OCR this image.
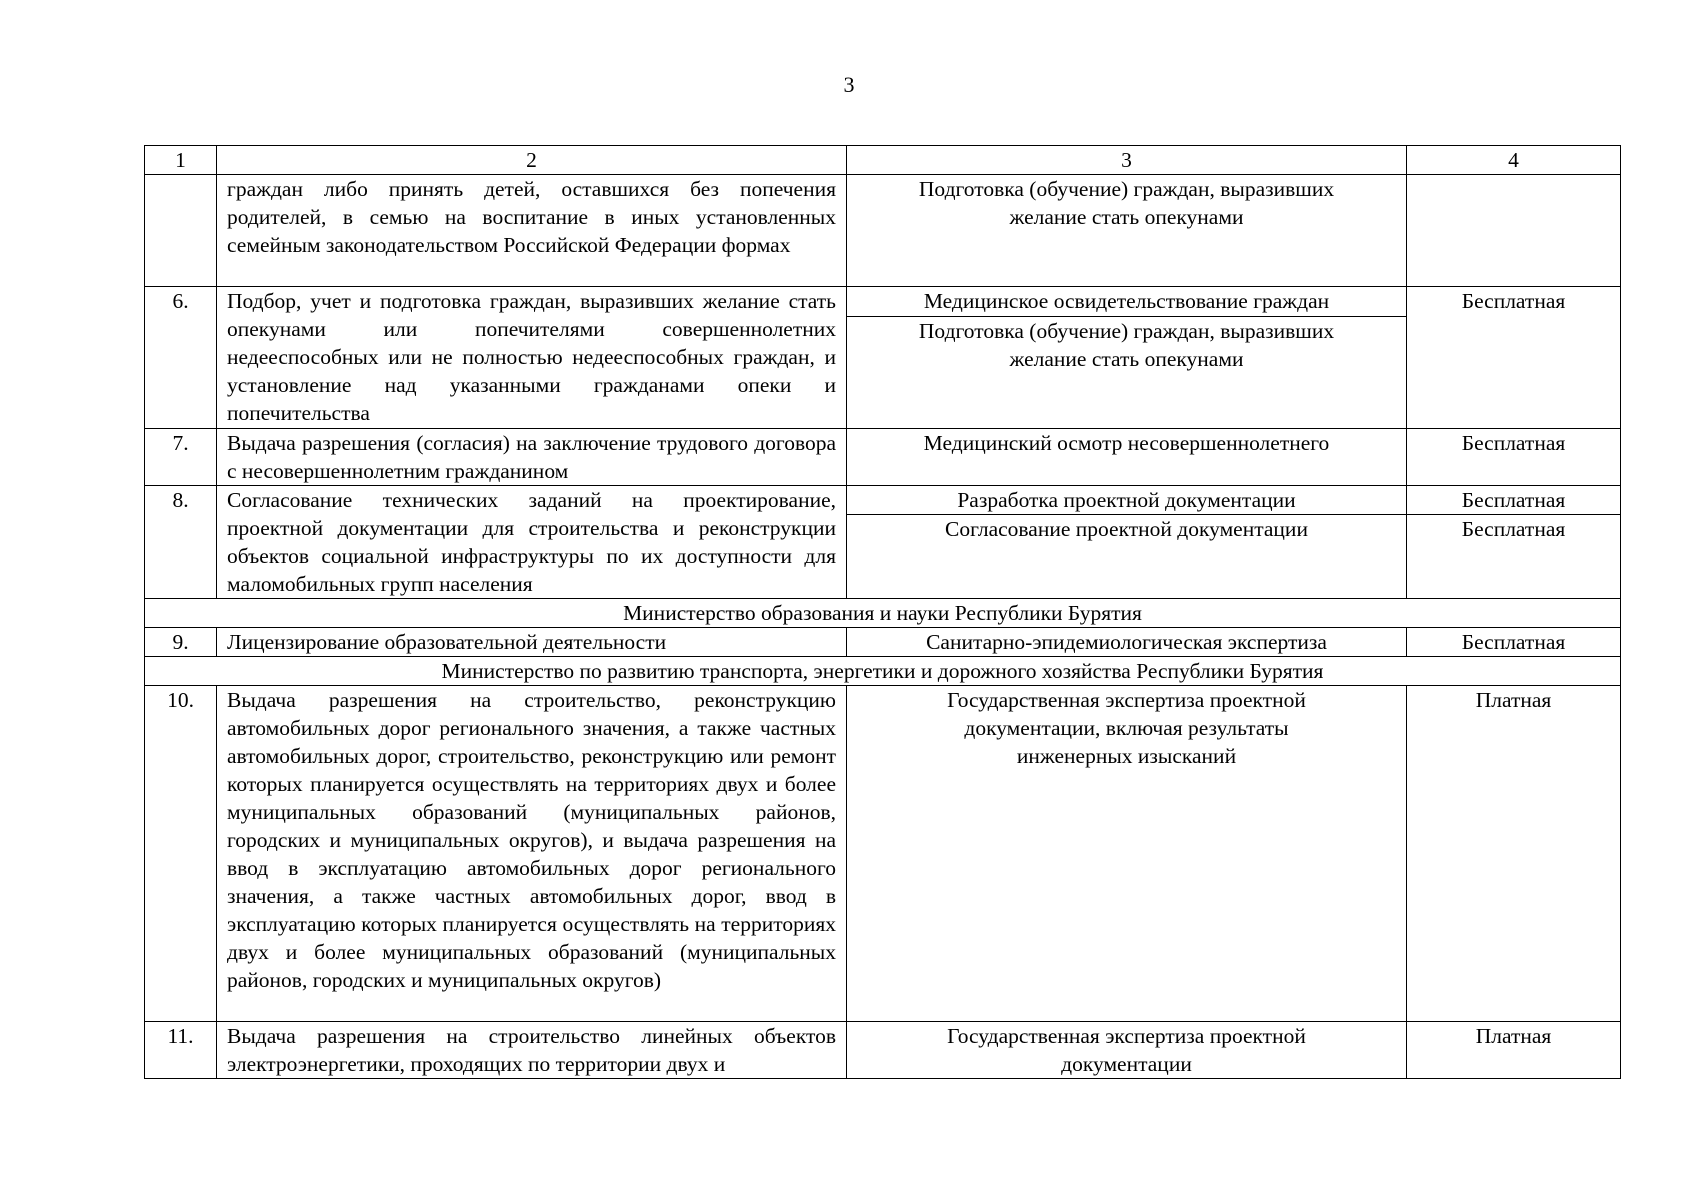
3
1	2	3	4
	граждан либо принять детей, оставшихся без попечения родителей, в семью на воспитание в иных установленных семейным законодательством Российской Федерации формах	Подготовка (обучение) граждан, выразивших желание стать опекунами	
6.	Подбор, учет и подготовка граждан, выразивших желание стать опекунами или попечителями совершеннолетних недееспособных или не полностью недееспособных граждан, и установление над указанными гражданами опеки и попечительства	Медицинское освидетельствование граждан	Бесплатная
		Подготовка (обучение) граждан, выразивших желание стать опекунами	
7.	Выдача разрешения (согласия) на заключение трудового договора с несовершеннолетним гражданином	Медицинский осмотр несовершеннолетнего	Бесплатная
8.	Согласование технических заданий на проектирование, проектной документации для строительства и реконструкции объектов социальной инфраструктуры по их доступности для маломобильных групп населения	Разработка проектной документации	Бесплатная
		Согласование проектной документации	Бесплатная
Министерство образования и науки Республики Бурятия			
9.	Лицензирование образовательной деятельности	Санитарно-эпидемиологическая экспертиза	Бесплатная
Министерство по развитию транспорта, энергетики и дорожного хозяйства Республики Бурятия			
10.	Выдача разрешения на строительство, реконструкцию автомобильных дорог регионального значения, а также частных автомобильных дорог, строительство, реконструкцию или ремонт которых планируется осуществлять на территориях двух и более муниципальных образований (муниципальных районов, городских и муниципальных округов), и выдача разрешения на ввод в эксплуатацию автомобильных дорог регионального значения, а также частных автомобильных дорог, ввод в эксплуатацию которых планируется осуществлять на территориях двух и более муниципальных образований (муниципальных районов, городских и муниципальных округов)	Государственная экспертиза проектной документации, включая результаты инженерных изысканий	Платная
11.	Выдача разрешения на строительство линейных объектов электроэнергетики, проходящих по территории двух и	Государственная экспертиза проектной документации	Платная
